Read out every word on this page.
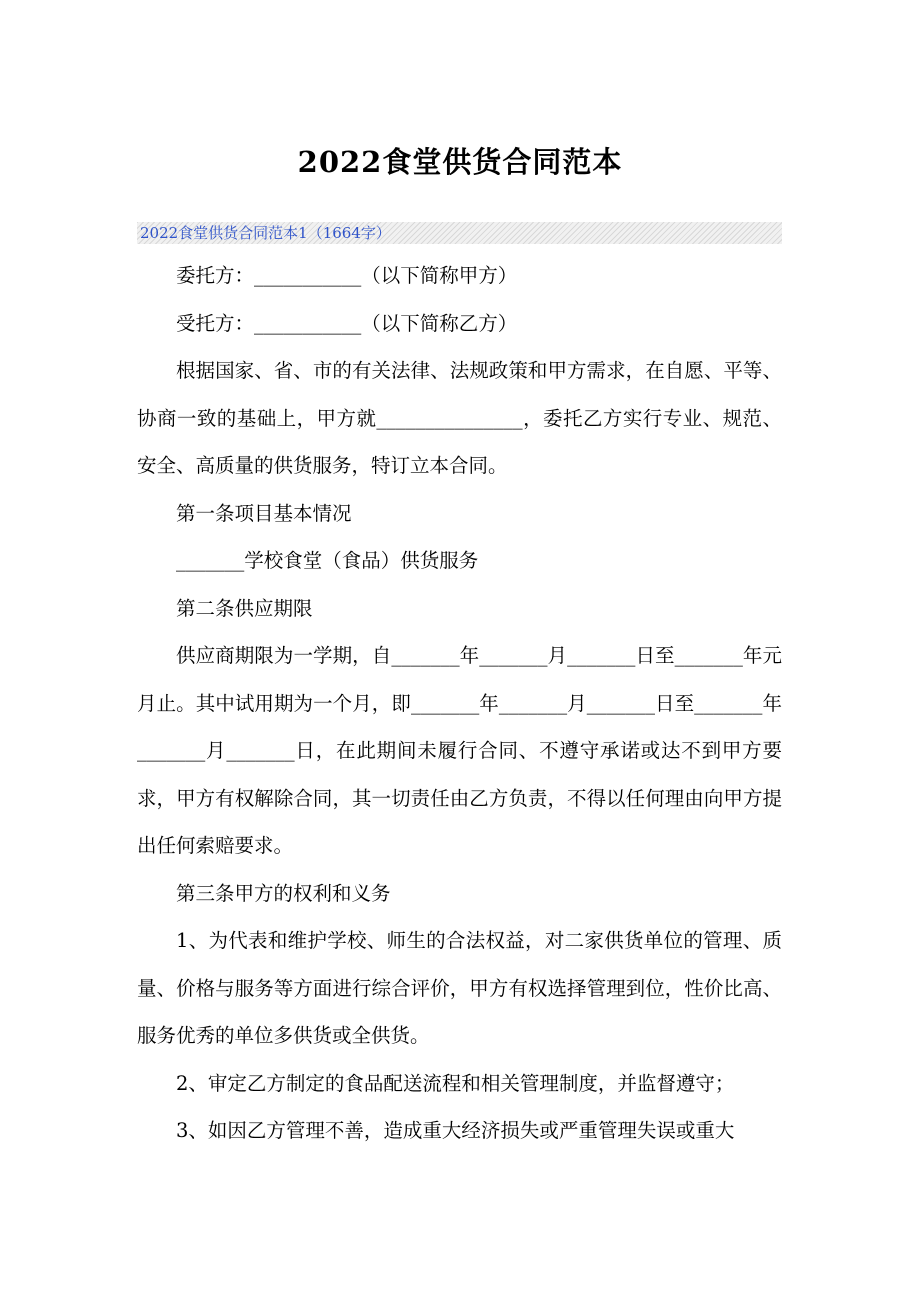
2022食堂供货合同范本
2022食堂供货合同范本1（1664字）

委托方：___________（以下简称甲方）

受托方：___________（以下简称乙方）

根据国家、省、市的有关法律、法规政策和甲方需求，在自愿、平等、协商一致的基础上，甲方就_______________，委托乙方实行专业、规范、安全、高质量的供货服务，特订立本合同。

第一条项目基本情况

_______学校食堂（食品）供货服务

第二条供应期限

供应商期限为一学期，自_______年_______月_______日至_______年元月止。其中试用期为一个月，即_______年_______月_______日至_______年_______月_______日，在此期间未履行合同、不遵守承诺或达不到甲方要求，甲方有权解除合同，其一切责任由乙方负责，不得以任何理由向甲方提出任何索赔要求。

第三条甲方的权利和义务

1、为代表和维护学校、师生的合法权益，对二家供货单位的管理、质量、价格与服务等方面进行综合评价，甲方有权选择管理到位，性价比高、服务优秀的单位多供货或全供货。

2、审定乙方制定的食品配送流程和相关管理制度，并监督遵守；

3、如因乙方管理不善，造成重大经济损失或严重管理失误或重大
